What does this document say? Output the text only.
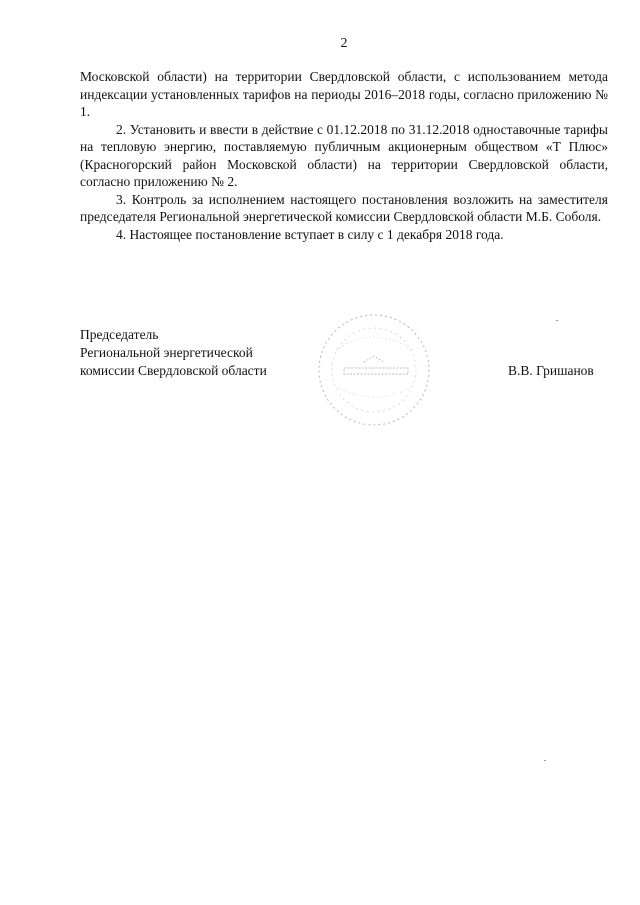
2

Московской области) на территории Свердловской области, с использованием метода индексации установленных тарифов на периоды 2016–2018 годы, согласно приложению № 1.

2. Установить и ввести в действие с 01.12.2018 по 31.12.2018 одноставочные тарифы на тепловую энергию, поставляемую публичным акционерным обществом «Т Плюс» (Красногорский район Московской области) на территории Свердловской области, согласно приложению № 2.

3. Контроль за исполнением настоящего постановления возложить на заместителя председателя Региональной энергетической комиссии Свердловской области М.Б. Соболя.

4. Настоящее постановление вступает в силу с 1 декабря 2018 года.

Председатель
Региональной энергетической
комиссии Свердловской области	В.В. Гришанов
